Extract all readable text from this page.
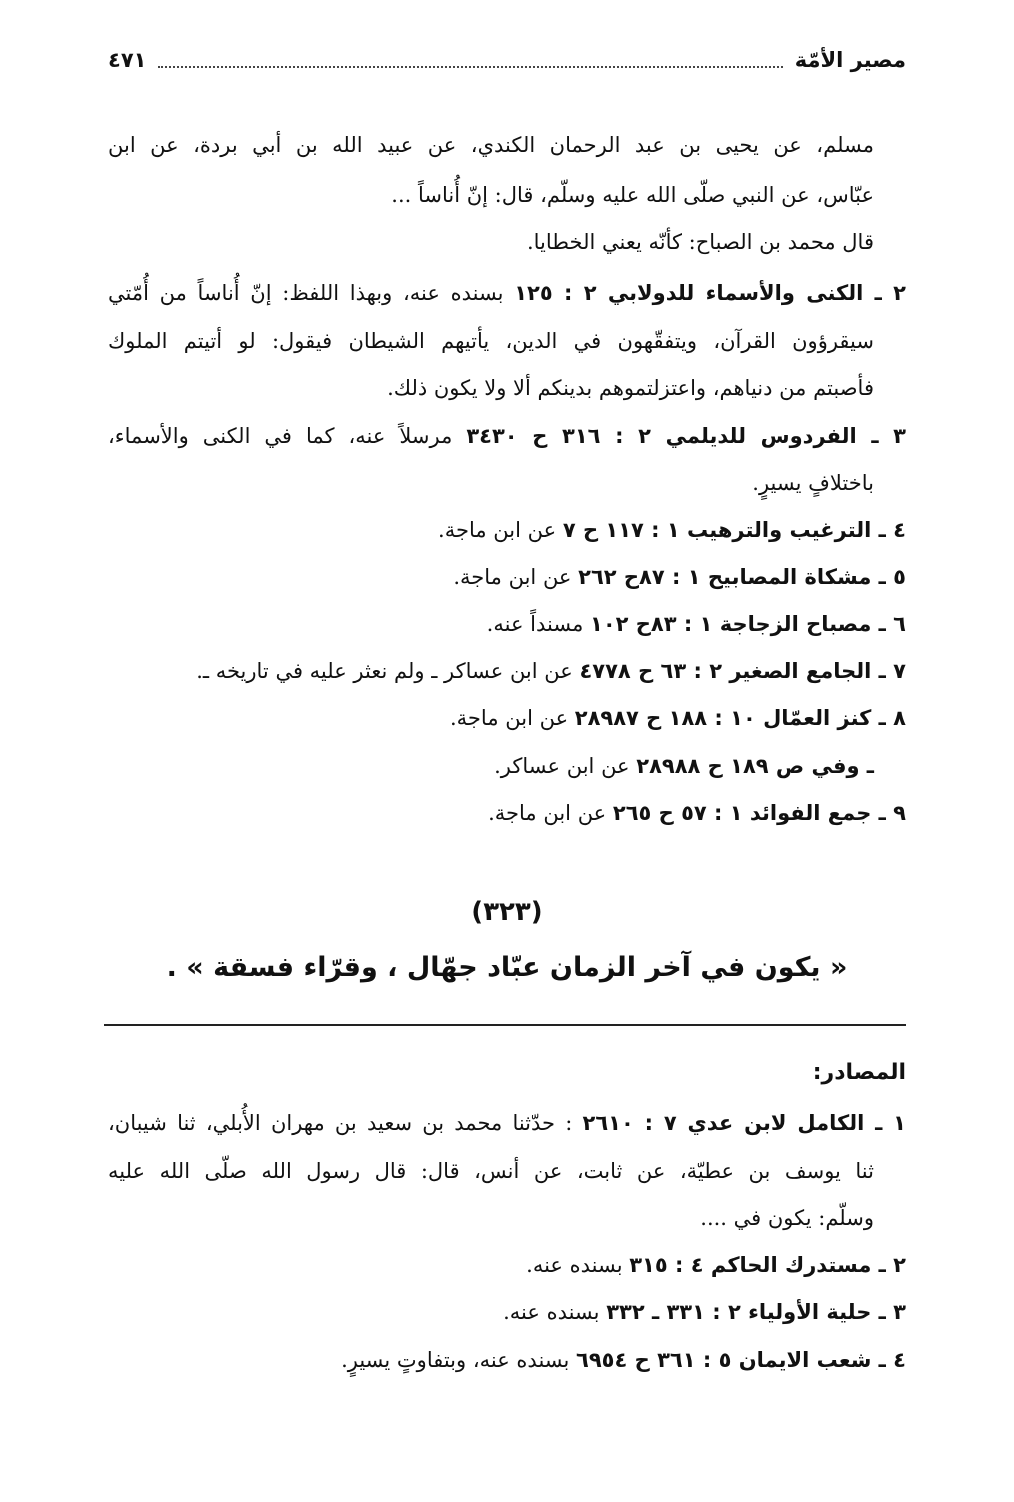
مصير الأمّة
٤٧١
مسلم، عن يحيى بن عبد الرحمان الكندي، عن عبيد الله بن أبي بردة، عن ابن
عبّاس، عن النبي صلّى الله عليه وسلّم، قال: إنّ أُناساً ...
قال محمد بن الصباح: كأنّه يعني الخطايا.
٢ ـ الكنى والأسماء للدولابي ٢ : ١٢٥ بسنده عنه، وبهذا اللفظ: إنّ أُناساً من أُمّتي
سيقرؤون القرآن، ويتفقّهون في الدين، يأتيهم الشيطان فيقول: لو أتيتم الملوك
فأصبتم من دنياهم، واعتزلتموهم بدينكم ألا ولا يكون ذلك.
٣ ـ الفردوس للديلمي ٢ : ٣١٦ ح ٣٤٣٠ مرسلاً عنه، كما في الكنى والأسماء،
باختلافٍ يسيرٍ.
٤ ـ الترغيب والترهيب ١ : ١١٧ ح ٧ عن ابن ماجة.
٥ ـ مشكاة المصابيح ١ : ٨٧ح ٢٦٢ عن ابن ماجة.
٦ ـ مصباح الزجاجة ١ : ٨٣ح ١٠٢ مسنداً عنه.
٧ ـ الجامع الصغير ٢ : ٦٣ ح ٤٧٧٨ عن ابن عساكر ـ ولم نعثر عليه في تاريخه ـ.
٨ ـ كنز العمّال ١٠ : ١٨٨ ح ٢٨٩٨٧ عن ابن ماجة.
ـ وفي ص ١٨٩ ح ٢٨٩٨٨ عن ابن عساكر.
٩ ـ جمع الفوائد ١ : ٥٧ ح ٢٦٥ عن ابن ماجة.
(٣٢٣)
« يكون في آخر الزمان عبّاد جهّال ، وقرّاء فسقة » .
المصادر:
١ ـ الكامل لابن عدي ٧ : ٢٦١٠ : حدّثنا محمد بن سعيد بن مهران الأُبلي، ثنا شيبان،
ثنا يوسف بن عطيّة، عن ثابت، عن أنس، قال: قال رسول الله صلّى الله عليه
وسلّم: يكون في ....
٢ ـ مستدرك الحاكم ٤ : ٣١٥ بسنده عنه.
٣ ـ حلية الأولياء ٢ : ٣٣١ ـ ٣٣٢ بسنده عنه.
٤ ـ شعب الايمان ٥ : ٣٦١ ح ٦٩٥٤ بسنده عنه، وبتفاوتٍ يسيرٍ.
